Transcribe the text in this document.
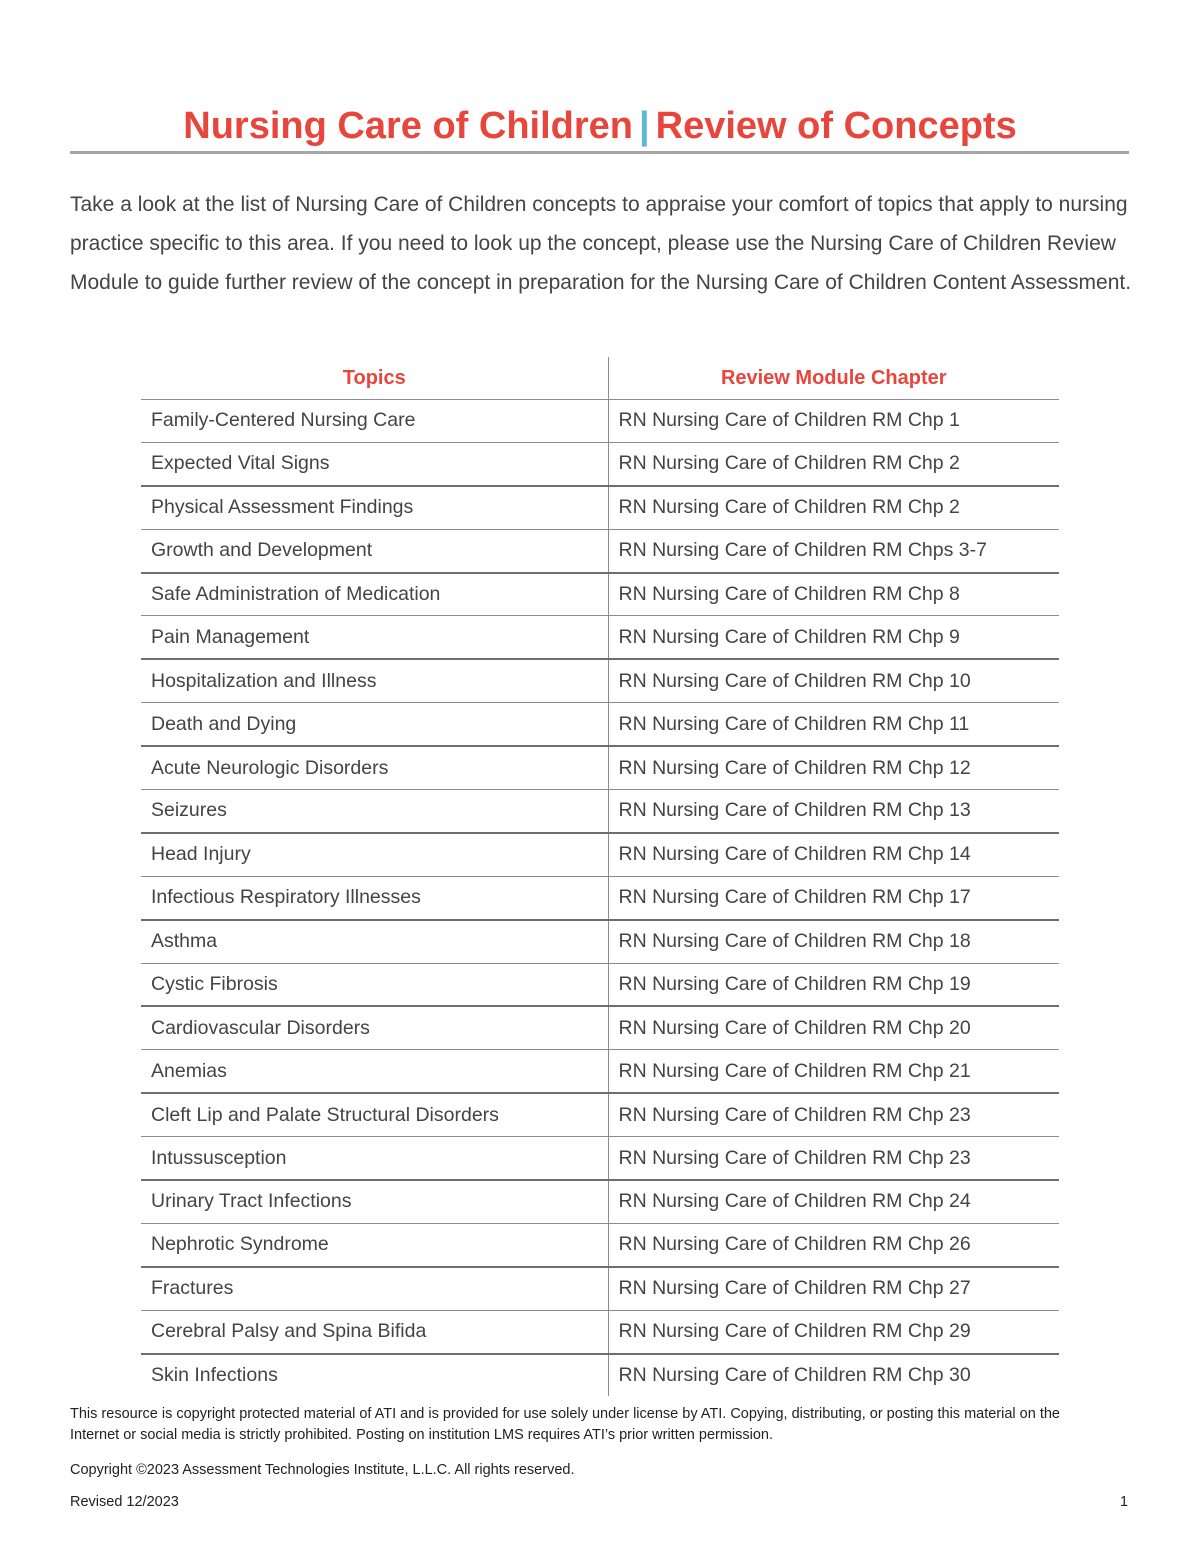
Nursing Care of Children | Review of Concepts

Take a look at the list of Nursing Care of Children concepts to appraise your comfort of topics that apply to nursing practice specific to this area. If you need to look up the concept, please use the Nursing Care of Children Review Module to guide further review of the concept in preparation for the Nursing Care of Children Content Assessment.

Topics	Review Module Chapter
Family-Centered Nursing Care	RN Nursing Care of Children RM Chp 1
Expected Vital Signs	RN Nursing Care of Children RM Chp 2
Physical Assessment Findings	RN Nursing Care of Children RM Chp 2
Growth and Development	RN Nursing Care of Children RM Chps 3-7
Safe Administration of Medication	RN Nursing Care of Children RM Chp 8
Pain Management	RN Nursing Care of Children RM Chp 9
Hospitalization and Illness	RN Nursing Care of Children RM Chp 10
Death and Dying	RN Nursing Care of Children RM Chp 11
Acute Neurologic Disorders	RN Nursing Care of Children RM Chp 12
Seizures	RN Nursing Care of Children RM Chp 13
Head Injury	RN Nursing Care of Children RM Chp 14
Infectious Respiratory Illnesses	RN Nursing Care of Children RM Chp 17
Asthma	RN Nursing Care of Children RM Chp 18
Cystic Fibrosis	RN Nursing Care of Children RM Chp 19
Cardiovascular Disorders	RN Nursing Care of Children RM Chp 20
Anemias	RN Nursing Care of Children RM Chp 21
Cleft Lip and Palate Structural Disorders	RN Nursing Care of Children RM Chp 23
Intussusception	RN Nursing Care of Children RM Chp 23
Urinary Tract Infections	RN Nursing Care of Children RM Chp 24
Nephrotic Syndrome	RN Nursing Care of Children RM Chp 26
Fractures	RN Nursing Care of Children RM Chp 27
Cerebral Palsy and Spina Bifida	RN Nursing Care of Children RM Chp 29
Skin Infections	RN Nursing Care of Children RM Chp 30
This resource is copyright protected material of ATI and is provided for use solely under license by ATI. Copying, distributing, or posting this material on the Internet or social media is strictly prohibited. Posting on institution LMS requires ATI’s prior written permission.
Copyright ©2023 Assessment Technologies Institute, L.L.C. All rights reserved.
Revised 12/2023	1
